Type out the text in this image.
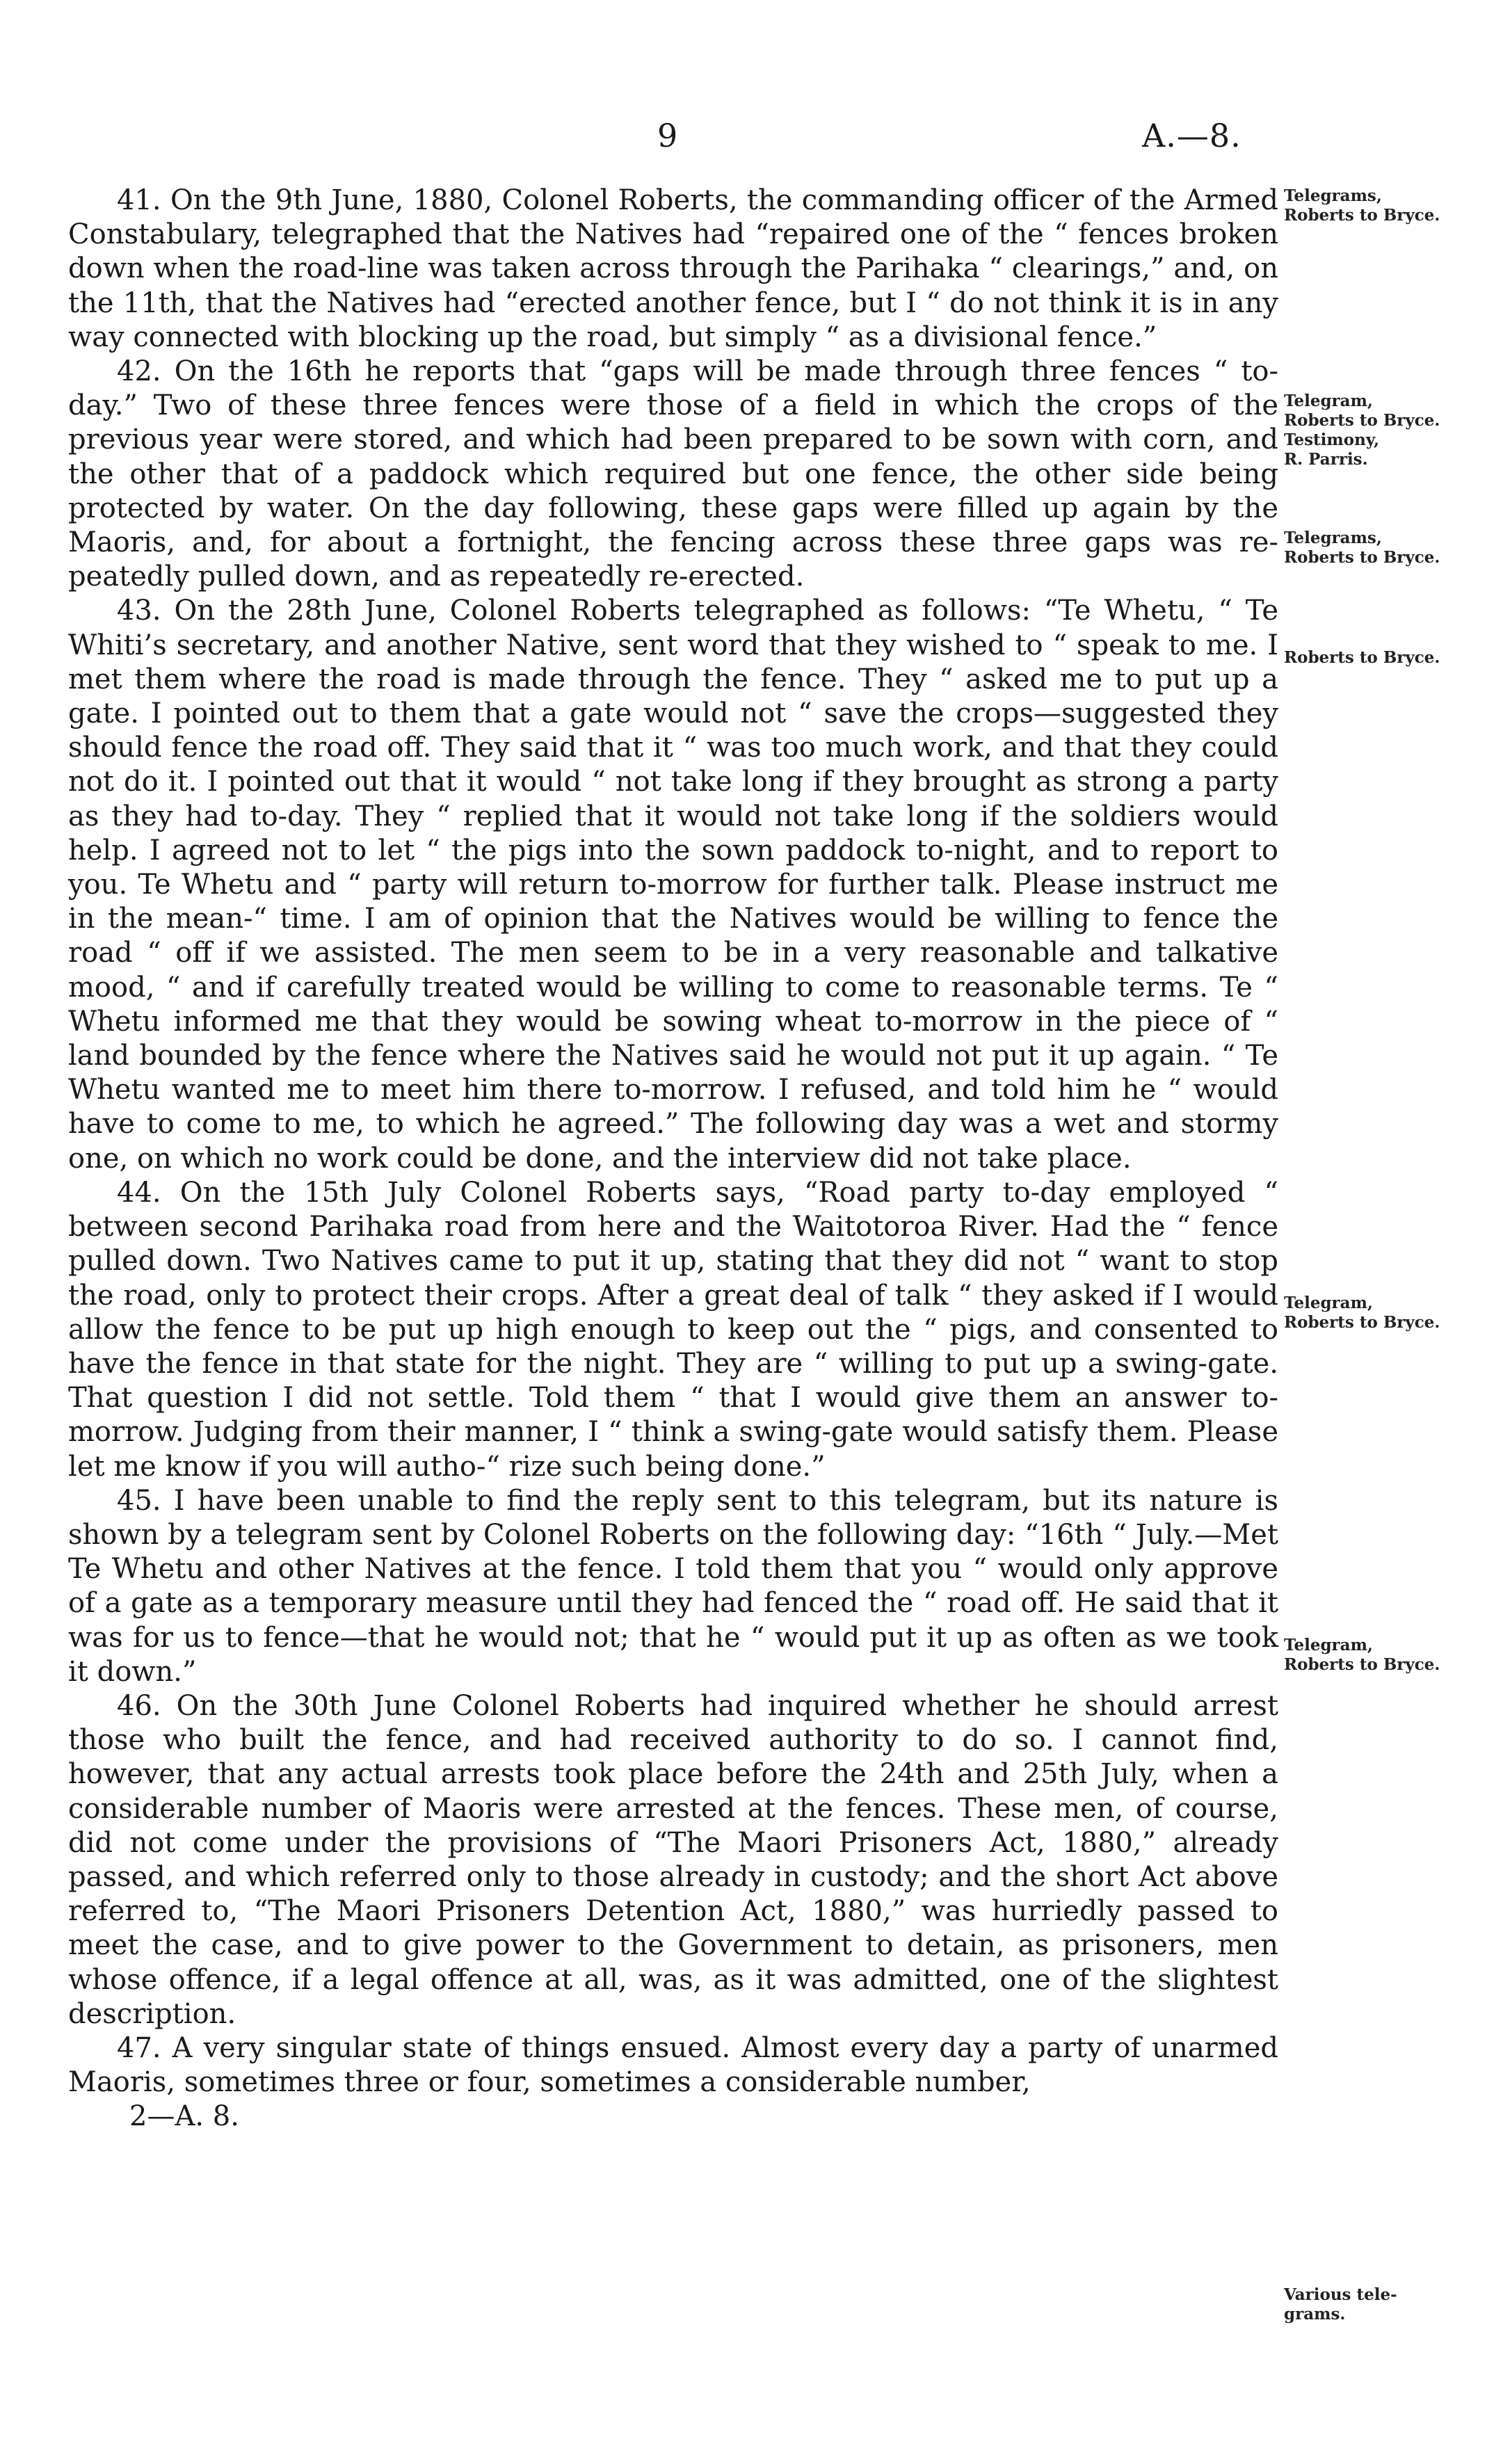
9	A.—8.

41. On the 9th June, 1880, Colonel Roberts, the commanding officer of the Armed Constabulary, telegraphed that the Natives had “repaired one of the “ fences broken down when the road-line was taken across through the Parihaka “ clearings,” and, on the 11th, that the Natives had “erected another fence, but I “ do not think it is in any way connected with blocking up the road, but simply “ as a divisional fence.”

42. On the 16th he reports that “gaps will be made through three fences “ to-day.” Two of these three fences were those of a field in which the crops of the previous year were stored, and which had been prepared to be sown with corn, and the other that of a paddock which required but one fence, the other side being protected by water. On the day following, these gaps were filled up again by the Maoris, and, for about a fortnight, the fencing across these three gaps was re-peatedly pulled down, and as repeatedly re-erected.

43. On the 28th June, Colonel Roberts telegraphed as follows: “Te Whetu, “ Te Whiti’s secretary, and another Native, sent word that they wished to “ speak to me. I met them where the road is made through the fence. They “ asked me to put up a gate. I pointed out to them that a gate would not “ save the crops—suggested they should fence the road off. They said that it “ was too much work, and that they could not do it. I pointed out that it would “ not take long if they brought as strong a party as they had to-day. They “ replied that it would not take long if the soldiers would help. I agreed not to let “ the pigs into the sown paddock to-night, and to report to you. Te Whetu and “ party will return to-morrow for further talk. Please instruct me in the mean-“ time. I am of opinion that the Natives would be willing to fence the road “ off if we assisted. The men seem to be in a very reasonable and talkative mood, “ and if carefully treated would be willing to come to reasonable terms. Te “ Whetu informed me that they would be sowing wheat to-morrow in the piece of “ land bounded by the fence where the Natives said he would not put it up again. “ Te Whetu wanted me to meet him there to-morrow. I refused, and told him he “ would have to come to me, to which he agreed.” The following day was a wet and stormy one, on which no work could be done, and the interview did not take place.

44. On the 15th July Colonel Roberts says, “Road party to-day employed “ between second Parihaka road from here and the Waitotoroa River. Had the “ fence pulled down. Two Natives came to put it up, stating that they did not “ want to stop the road, only to protect their crops. After a great deal of talk “ they asked if I would allow the fence to be put up high enough to keep out the “ pigs, and consented to have the fence in that state for the night. They are “ willing to put up a swing-gate. That question I did not settle. Told them “ that I would give them an answer to-morrow. Judging from their manner, I “ think a swing-gate would satisfy them. Please let me know if you will autho-“ rize such being done.”

45. I have been unable to find the reply sent to this telegram, but its nature is shown by a telegram sent by Colonel Roberts on the following day: “16th “ July.—Met Te Whetu and other Natives at the fence. I told them that you “ would only approve of a gate as a temporary measure until they had fenced the “ road off. He said that it was for us to fence—that he would not; that he “ would put it up as often as we took it down.”

46. On the 30th June Colonel Roberts had inquired whether he should arrest those who built the fence, and had received authority to do so. I cannot find, however, that any actual arrests took place before the 24th and 25th July, when a considerable number of Maoris were arrested at the fences. These men, of course, did not come under the provisions of “The Maori Prisoners Act, 1880,” already passed, and which referred only to those already in custody; and the short Act above referred to, “The Maori Prisoners Detention Act, 1880,” was hurriedly passed to meet the case, and to give power to the Government to detain, as prisoners, men whose offence, if a legal offence at all, was, as it was admitted, one of the slightest description.

47. A very singular state of things ensued. Almost every day a party of unarmed Maoris, sometimes three or four, sometimes a considerable number,

2—A. 8.
Telegrams,
Roberts to Bryce.
Telegram,
Roberts to Bryce.
Testimony,
R. Parris.
Telegrams,
Roberts to Bryce.
Roberts to Bryce.
Telegram,
Roberts to Bryce.
Telegram,
Roberts to Bryce.
Various tele-
grams.
